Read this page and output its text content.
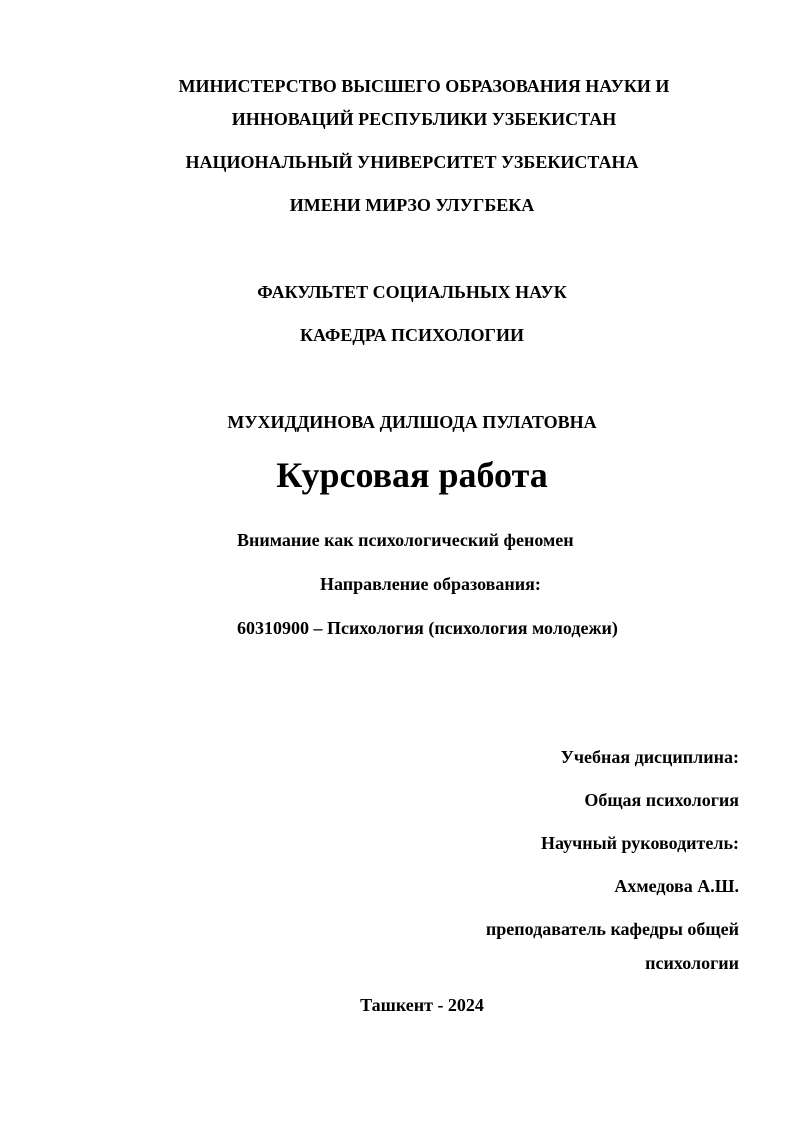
МИНИСТЕРСТВО ВЫСШЕГО ОБРАЗОВАНИЯ НАУКИ И
ИННОВАЦИЙ РЕСПУБЛИКИ УЗБЕКИСТАН
НАЦИОНАЛЬНЫЙ УНИВЕРСИТЕТ УЗБЕКИСТАНА
ИМЕНИ МИРЗО УЛУГБЕКА
ФАКУЛЬТЕТ СОЦИАЛЬНЫХ НАУК
КАФЕДРА ПСИХОЛОГИИ
МУХИДДИНОВА ДИЛШОДА ПУЛАТОВНА
Курсовая работа
Внимание как психологический феномен
Направление образования:
60310900 – Психология (психология молодежи)
Учебная дисциплина:
Общая психология
Научный руководитель:
Ахмедова А.Ш.
преподаватель кафедры общей
психологии
Ташкент - 2024
